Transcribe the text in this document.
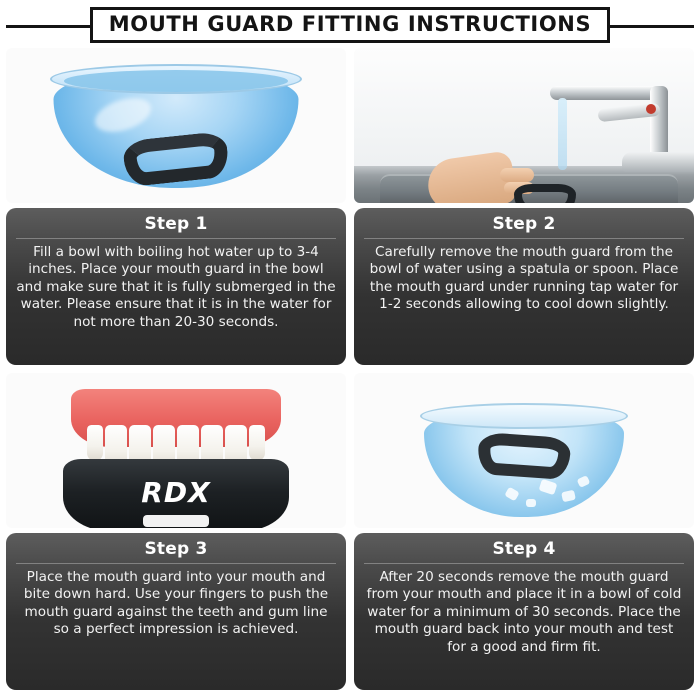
MOUTH GUARD FITTING INSTRUCTIONS
Step 1
Fill a bowl with boiling hot water up to 3-4 inches. Place your mouth guard in the bowl and make sure that it is fully submerged in the water. Please ensure that it is in the water for not more than 20-30 seconds.
Step 2
Carefully remove the mouth guard from the bowl of water using a spatula or spoon. Place the mouth guard under running tap water for 1-2 seconds allowing to cool down slightly.
RDX
Step 3
Place the mouth guard into your mouth and bite down hard. Use your fingers to push the mouth guard against the teeth and gum line so a perfect impression is achieved.
Step 4
After 20 seconds remove the mouth guard from your mouth and place it in a bowl of cold water for a minimum of 30 seconds. Place the mouth guard back into your mouth and test for a good and firm fit.
